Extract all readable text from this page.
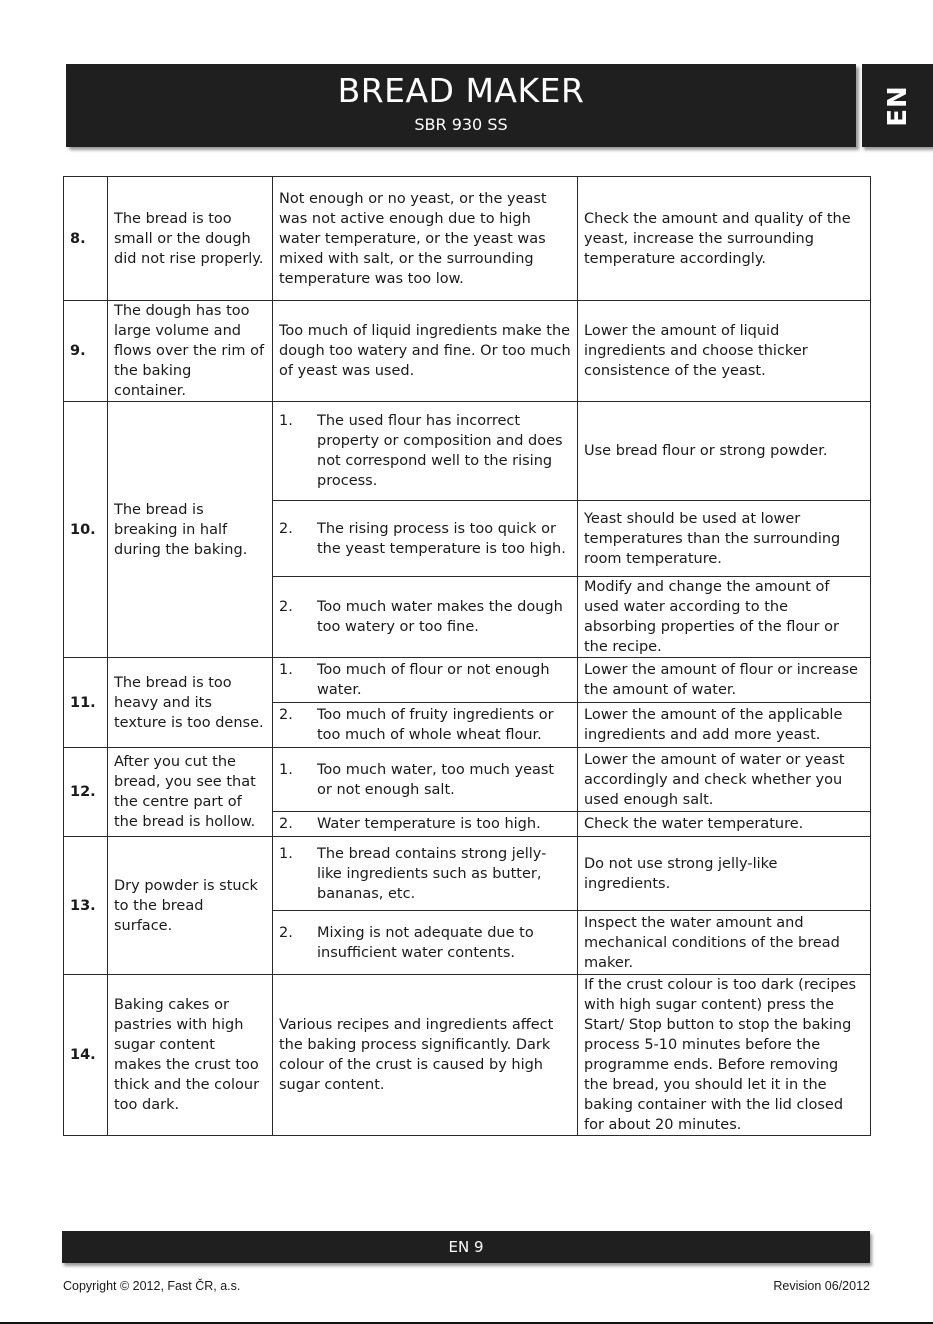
BREAD MAKER
SBR 930 SS	EN
8.	The bread is too small or the dough did not rise properly.	Not enough or no yeast, or the yeast was not active enough due to high water temperature, or the yeast was mixed with salt, or the surrounding temperature was too low.	Check the amount and quality of the yeast, increase the surrounding temperature accordingly.
9.	The dough has too large volume and flows over the rim of the baking container.	Too much of liquid ingredients make the dough too watery and fine. Or too much of yeast was used.	Lower the amount of liquid ingredients and choose thicker consistence of the yeast.
10.	The bread is breaking in half during the baking.	1. The used flour has incorrect property or composition and does not correspond well to the rising process.	Use bread flour or strong powder.

		2. The rising process is too quick or the yeast temperature is too high.	Yeast should be used at lower temperatures than the surrounding room temperature.

		2. Too much water makes the dough too watery or too fine.	Modify and change the amount of used water according to the absorbing properties of the flour or the recipe.
11.	The bread is too heavy and its texture is too dense.	1. Too much of flour or not enough water.	Lower the amount of flour or increase the amount of water.

		2. Too much of fruity ingredients or too much of whole wheat flour.	Lower the amount of the applicable ingredients and add more yeast.
12.	After you cut the bread, you see that the centre part of the bread is hollow.	1. Too much water, too much yeast or not enough salt.	Lower the amount of water or yeast accordingly and check whether you used enough salt.

		2. Water temperature is too high.	Check the water temperature.
13.	Dry powder is stuck to the bread surface.	1. The bread contains strong jelly-like ingredients such as butter, bananas, etc.	Do not use strong jelly-like ingredients.

		2. Mixing is not adequate due to insufficient water contents.	Inspect the water amount and mechanical conditions of the bread maker.
14.	Baking cakes or pastries with high sugar content makes the crust too thick and the colour too dark.	Various recipes and ingredients affect the baking process significantly. Dark colour of the crust is caused by high sugar content.	If the crust colour is too dark (recipes with high sugar content) press the Start/ Stop button to stop the baking process 5-10 minutes before the programme ends. Before removing the bread, you should let it in the baking container with the lid closed for about 20 minutes.
EN 9
Copyright © 2012, Fast ČR, a.s.	Revision 06/2012
